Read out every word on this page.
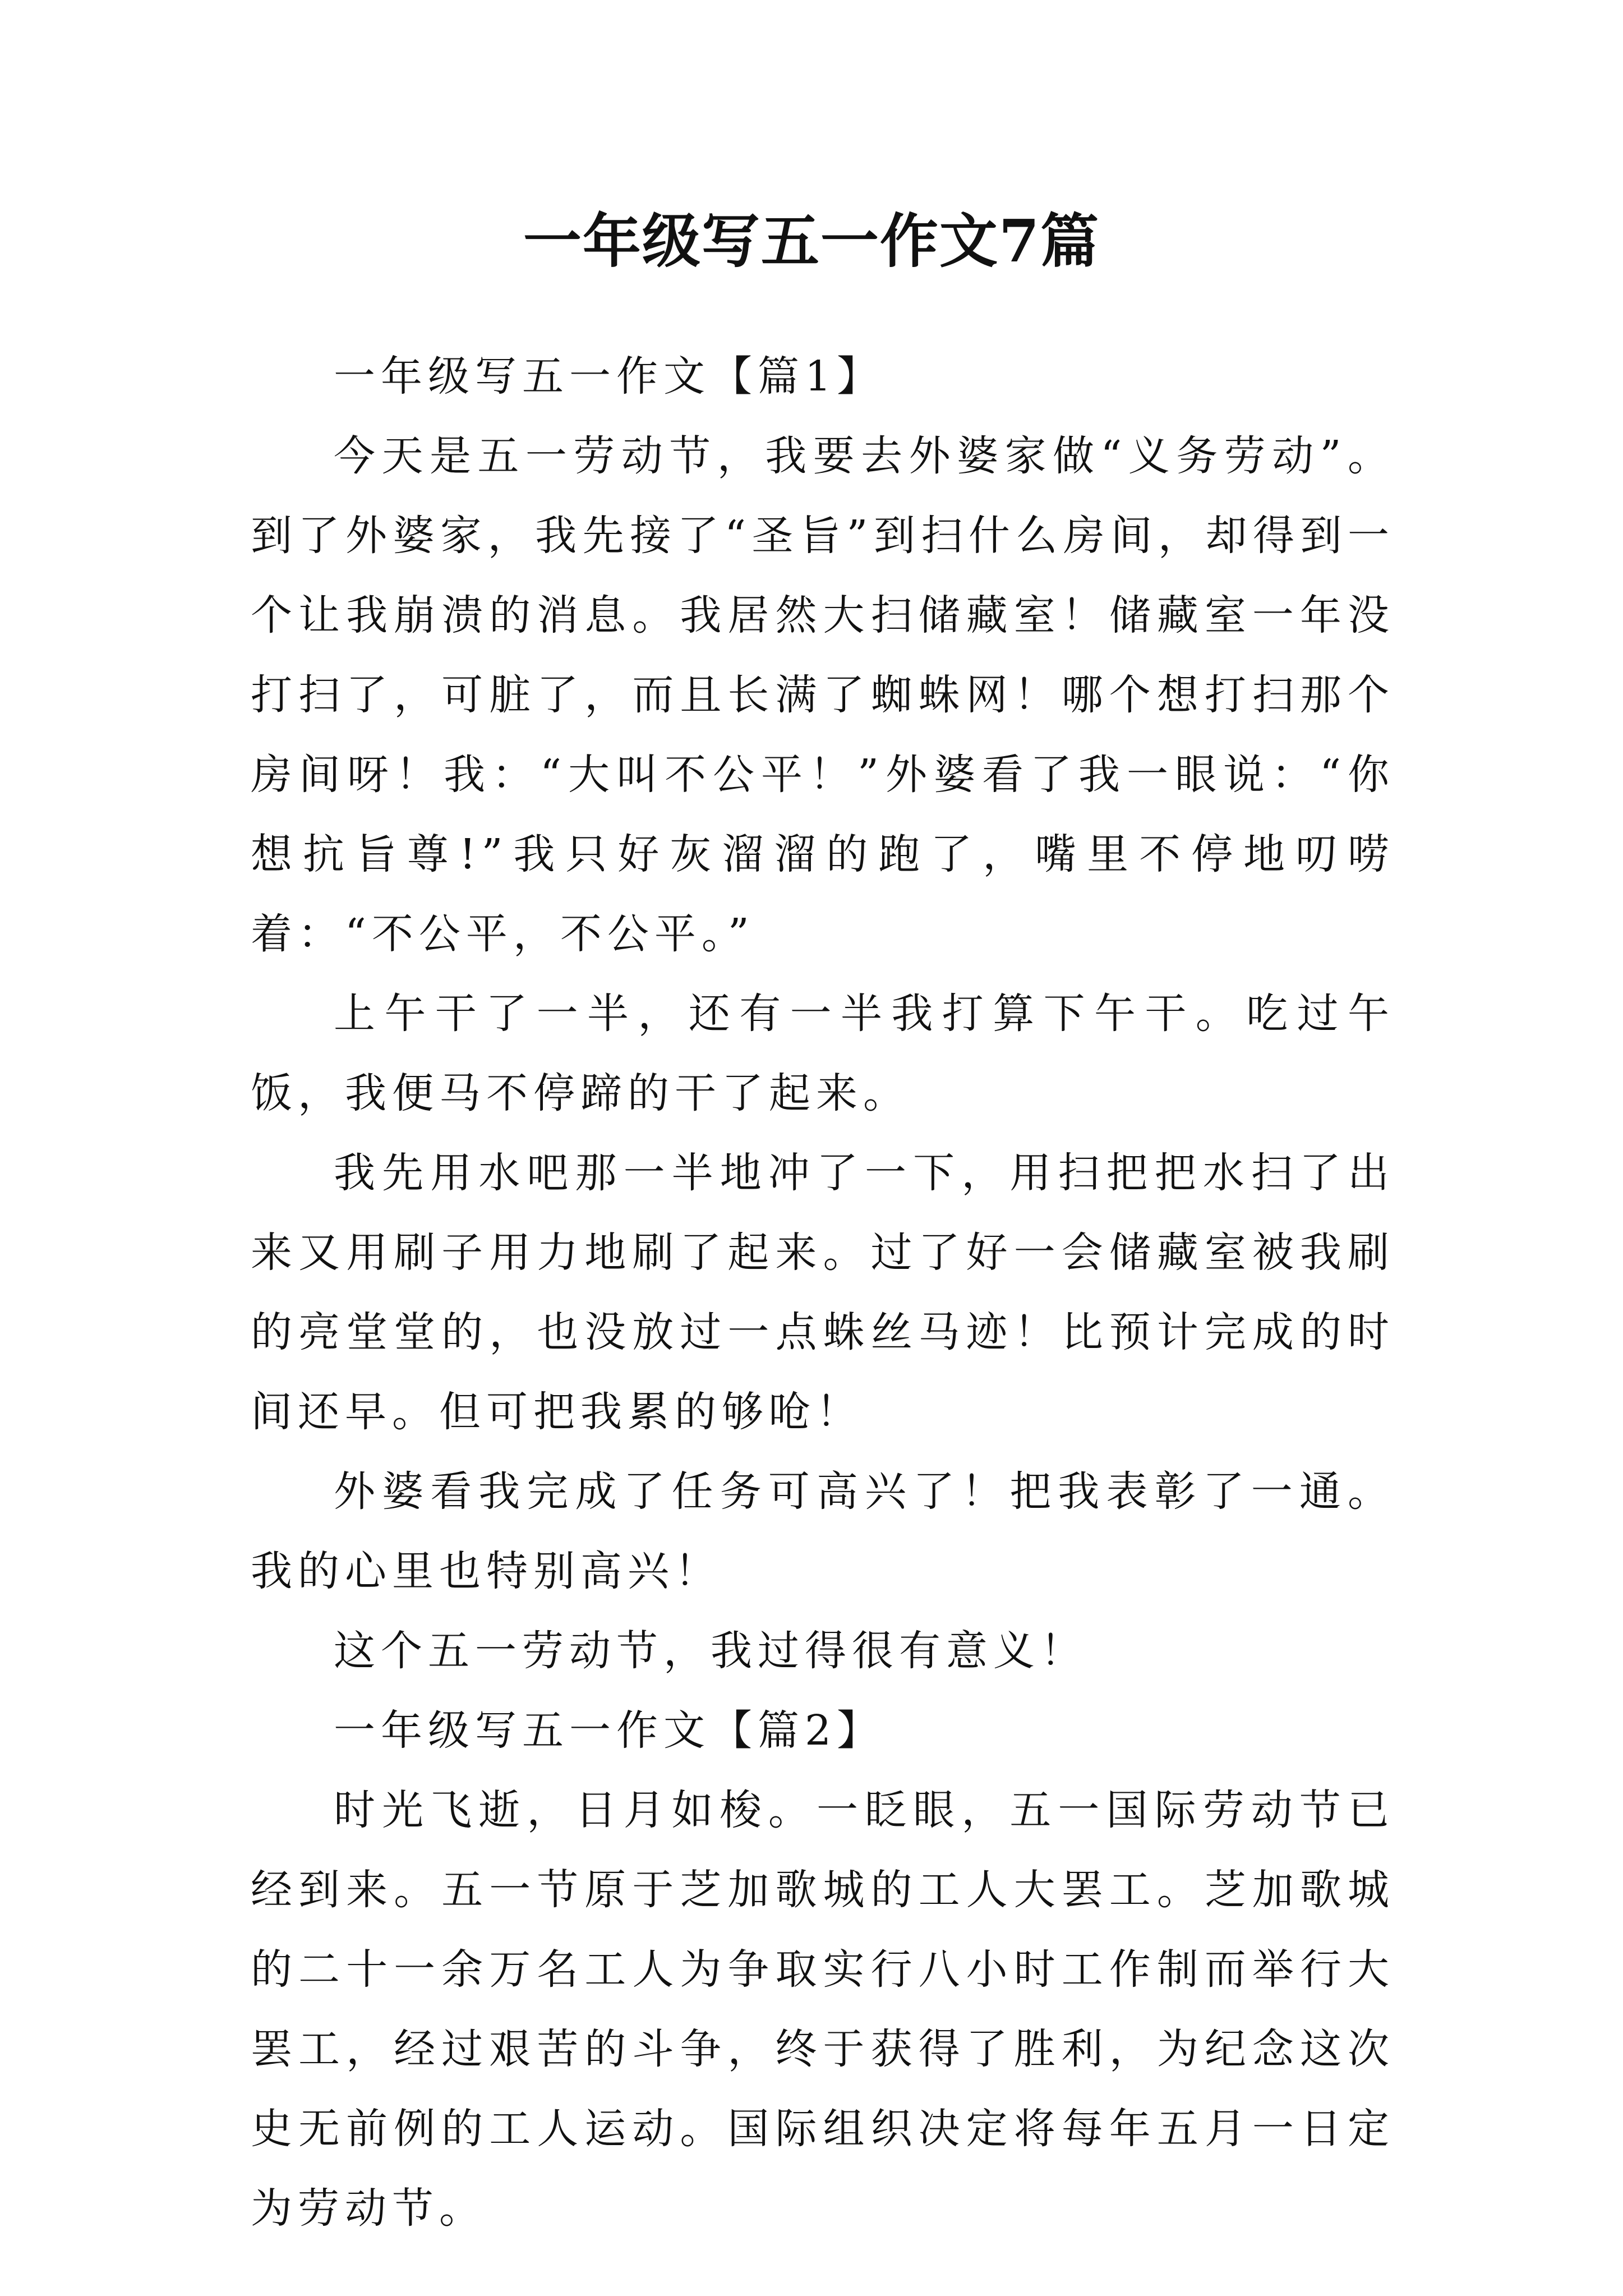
一年级写五一作文7篇

一年级写五一作文【篇1】

今天是五一劳动节，我要去外婆家做“义务劳动”。到了外婆家，我先接了“圣旨”到扫什么房间，却得到一个让我崩溃的消息。我居然大扫储藏室！储藏室一年没打扫了，可脏了，而且长满了蜘蛛网！哪个想打扫那个房间呀！我：“大叫不公平！”外婆看了我一眼说：“你想抗旨尊!”我只好灰溜溜的跑了，嘴里不停地叨唠着：“不公平，不公平。”

上午干了一半，还有一半我打算下午干。吃过午饭，我便马不停蹄的干了起来。

我先用水吧那一半地冲了一下，用扫把把水扫了出来又用刷子用力地刷了起来。过了好一会储藏室被我刷的亮堂堂的，也没放过一点蛛丝马迹！比预计完成的时间还早。但可把我累的够呛！

外婆看我完成了任务可高兴了！把我表彰了一通。我的心里也特别高兴！

这个五一劳动节，我过得很有意义！

一年级写五一作文【篇2】

时光飞逝，日月如梭。一眨眼，五一国际劳动节已经到来。五一节原于芝加歌城的工人大罢工。芝加歌城的二十一余万名工人为争取实行八小时工作制而举行大罢工，经过艰苦的斗争，终于获得了胜利，为纪念这次史无前例的工人运动。国际组织决定将每年五月一日定为劳动节。
